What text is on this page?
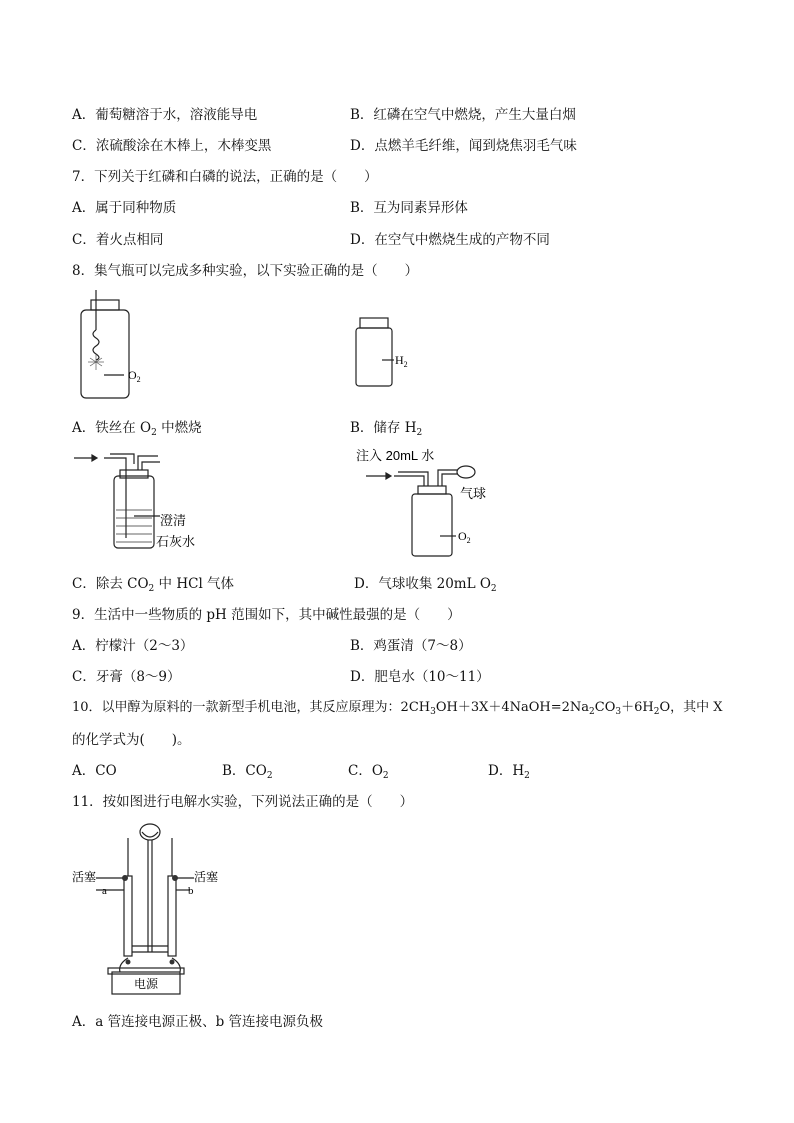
A．葡萄糖溶于水，溶液能导电	B．红磷在空气中燃烧，产生大量白烟
C．浓硫酸涂在木棒上，木棒变黑	D．点燃羊毛纤维，闻到烧焦羽毛气味
7．下列关于红磷和白磷的说法，正确的是（　　）
A．属于同种物质	B．互为同素异形体
C．着火点相同	D．在空气中燃烧生成的产物不同
8．集气瓶可以完成多种实验，以下实验正确的是（　　）
$O_2$
$H_2$
A．铁丝在 $O_2$ 中燃烧	B．储存 $H_2$
澄清
石灰水
注入 20mL 水
气球
$O_2$
C．除去 $CO_2$ 中 HCl 气体	D．气球收集 20mL $O_2$
9．生活中一些物质的 pH 范围如下，其中碱性最强的是（　　）
A．柠檬汁（2～3）	B．鸡蛋清（7～8）
C．牙膏（8～9）	D．肥皂水（10～11）
10．以甲醇为原料的一款新型手机电池，其反应原理为：$2CH_3OH+3X+4NaOH=2Na_2CO_3+6H_2O$，其中 X
的化学式为(　　)。
A．CO	B．$CO_2$	C．$O_2$	D．$H_2$
11．按如图进行电解水实验，下列说法正确的是（　　）
活塞	活塞
a	b
电源
A．a 管连接电源正极、b 管连接电源负极
